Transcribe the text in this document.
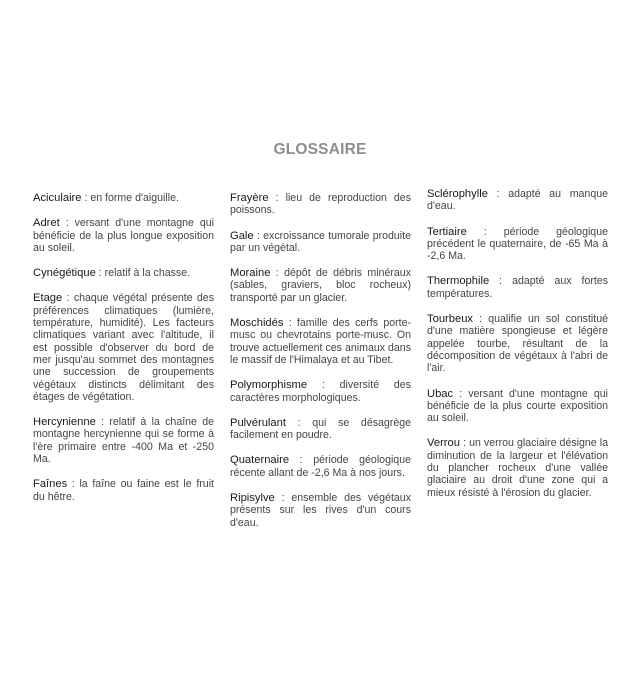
GLOSSAIRE

Aciculaire : en forme d'aiguille.

Adret : versant d'une montagne qui bénéficie de la plus longue exposition au soleil.

Cynégétique : relatif à la chasse.

Etage : chaque végétal présente des préférences climatiques (lumière, température, humidité). Les facteurs climatiques variant avec l'altitude, il est possible d'observer du bord de mer jusqu'au sommet des montagnes une succession de groupements végétaux distincts délimitant des étages de végétation.

Hercynienne : relatif à la chaîne de montagne hercynienne qui se forme à l'ère primaire entre -400 Ma et -250 Ma.

Faînes : la faîne ou faine est le fruit du hêtre.

Frayère : lieu de reproduction des poissons.

Gale : excroissance tumorale produite par un végétal.

Moraine : dépôt de débris minéraux (sables, graviers, bloc rocheux) transporté par un glacier.

Moschidés : famille des cerfs porte-musc ou chevrotains porte-musc. On trouve actuellement ces animaux dans le massif de l'Himalaya et au Tibet.

Polymorphisme : diversité des caractères morphologiques.

Pulvérulant : qui se désagrège facilement en poudre.

Quaternaire : période géologique récente allant de -2,6 Ma à nos jours.

Ripisylve : ensemble des végétaux présents sur les rives d'un cours d'eau.

Sclérophylle : adapté au manque d'eau.

Tertiaire : période géologique précédent le quaternaire, de -65 Ma à -2,6 Ma.

Thermophile : adapté aux fortes températures.

Tourbeux : qualifie un sol constitué d'une matière spongieuse et légère appelée tourbe, résultant de la décomposition de végétaux à l'abri de l'air.

Ubac : versant d'une montagne qui bénéficie de la plus courte exposition au soleil.

Verrou : un verrou glaciaire désigne la diminution de la largeur et l'élévation du plancher rocheux d'une vallée glaciaire au droit d'une zone qui a mieux résisté à l'érosion du glacier.
